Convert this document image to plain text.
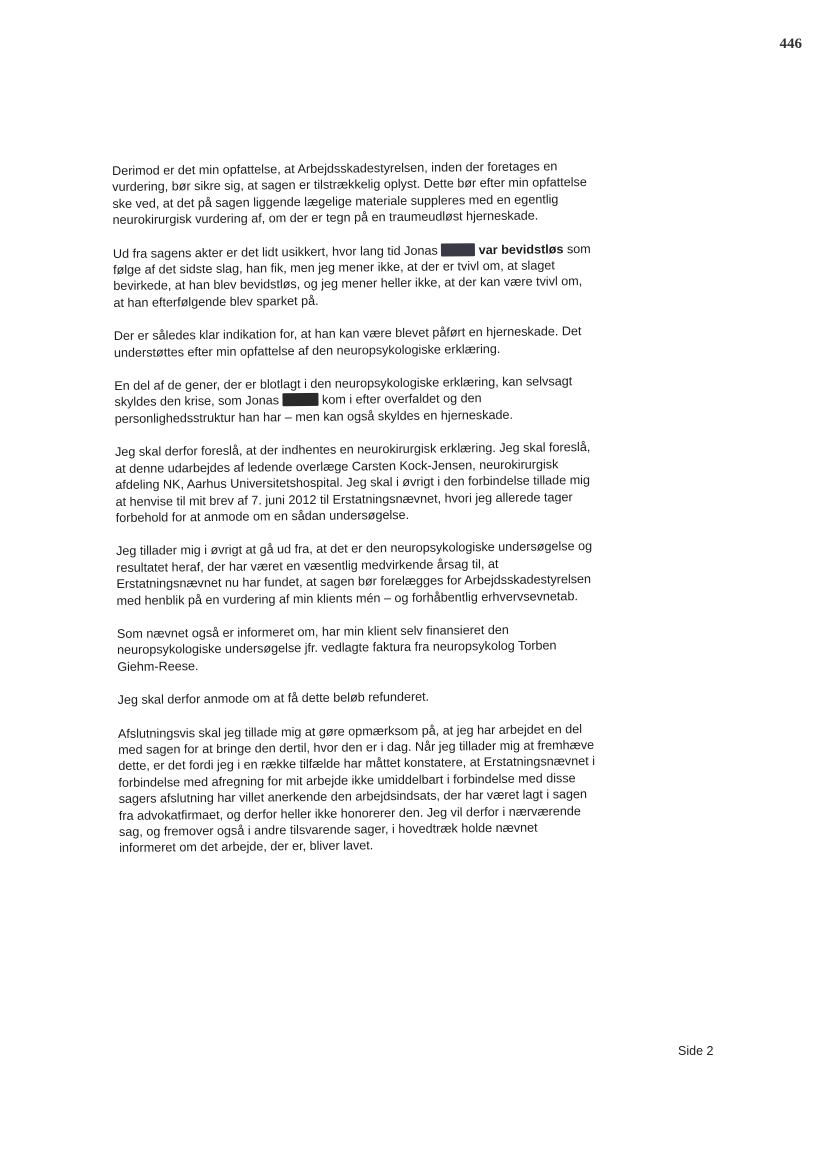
446

Derimod er det min opfattelse, at Arbejdsskadestyrelsen, inden der foretages en vurdering, bør sikre sig, at sagen er tilstrækkelig oplyst. Dette bør efter min opfattelse ske ved, at det på sagen liggende lægelige materiale suppleres med en egentlig neurokirurgisk vurdering af, om der er tegn på en traumeudløst hjerneskade.

Ud fra sagens akter er det lidt usikkert, hvor lang tid Jonas	var bevidstløs som følge af det sidste slag, han fik, men jeg mener ikke, at der er tvivl om, at slaget bevirkede, at han blev bevidstløs, og jeg mener heller ikke, at der kan være tvivl om, at han efterfølgende blev sparket på.

Der er således klar indikation for, at han kan være blevet påført en hjerneskade. Det understøttes efter min opfattelse af den neuropsykologiske erklæring.

En del af de gener, der er blotlagt i den neuropsykologiske erklæring, kan selvsagt skyldes den krise, som Jonas	kom i efter overfaldet og den personlighedsstruktur han har – men kan også skyldes en hjerneskade.

Jeg skal derfor foreslå, at der indhentes en neurokirurgisk erklæring. Jeg skal foreslå, at denne udarbejdes af ledende overlæge Carsten Kock-Jensen, neurokirurgisk afdeling NK, Aarhus Universitetshospital. Jeg skal i øvrigt i den forbindelse tillade mig at henvise til mit brev af 7. juni 2012 til Erstatningsnævnet, hvori jeg allerede tager forbehold for at anmode om en sådan undersøgelse.

Jeg tillader mig i øvrigt at gå ud fra, at det er den neuropsykologiske undersøgelse og resultatet heraf, der har været en væsentlig medvirkende årsag til, at Erstatningsnævnet nu har fundet, at sagen bør forelægges for Arbejdsskadestyrelsen med henblik på en vurdering af min klients mén – og forhåbentlig erhvervsevnetab.

Som nævnet også er informeret om, har min klient selv finansieret den neuropsykologiske undersøgelse jfr. vedlagte faktura fra neuropsykolog Torben Giehm-Reese.

Jeg skal derfor anmode om at få dette beløb refunderet.

Afslutningsvis skal jeg tillade mig at gøre opmærksom på, at jeg har arbejdet en del med sagen for at bringe den dertil, hvor den er i dag. Når jeg tillader mig at fremhæve dette, er det fordi jeg i en række tilfælde har måttet konstatere, at Erstatningsnævnet i forbindelse med afregning for mit arbejde ikke umiddelbart i forbindelse med disse sagers afslutning har villet anerkende den arbejdsindsats, der har været lagt i sagen fra advokatfirmaet, og derfor heller ikke honorerer den. Jeg vil derfor i nærværende sag, og fremover også i andre tilsvarende sager, i hovedtræk holde nævnet informeret om det arbejde, der er, bliver lavet.

Side 2
